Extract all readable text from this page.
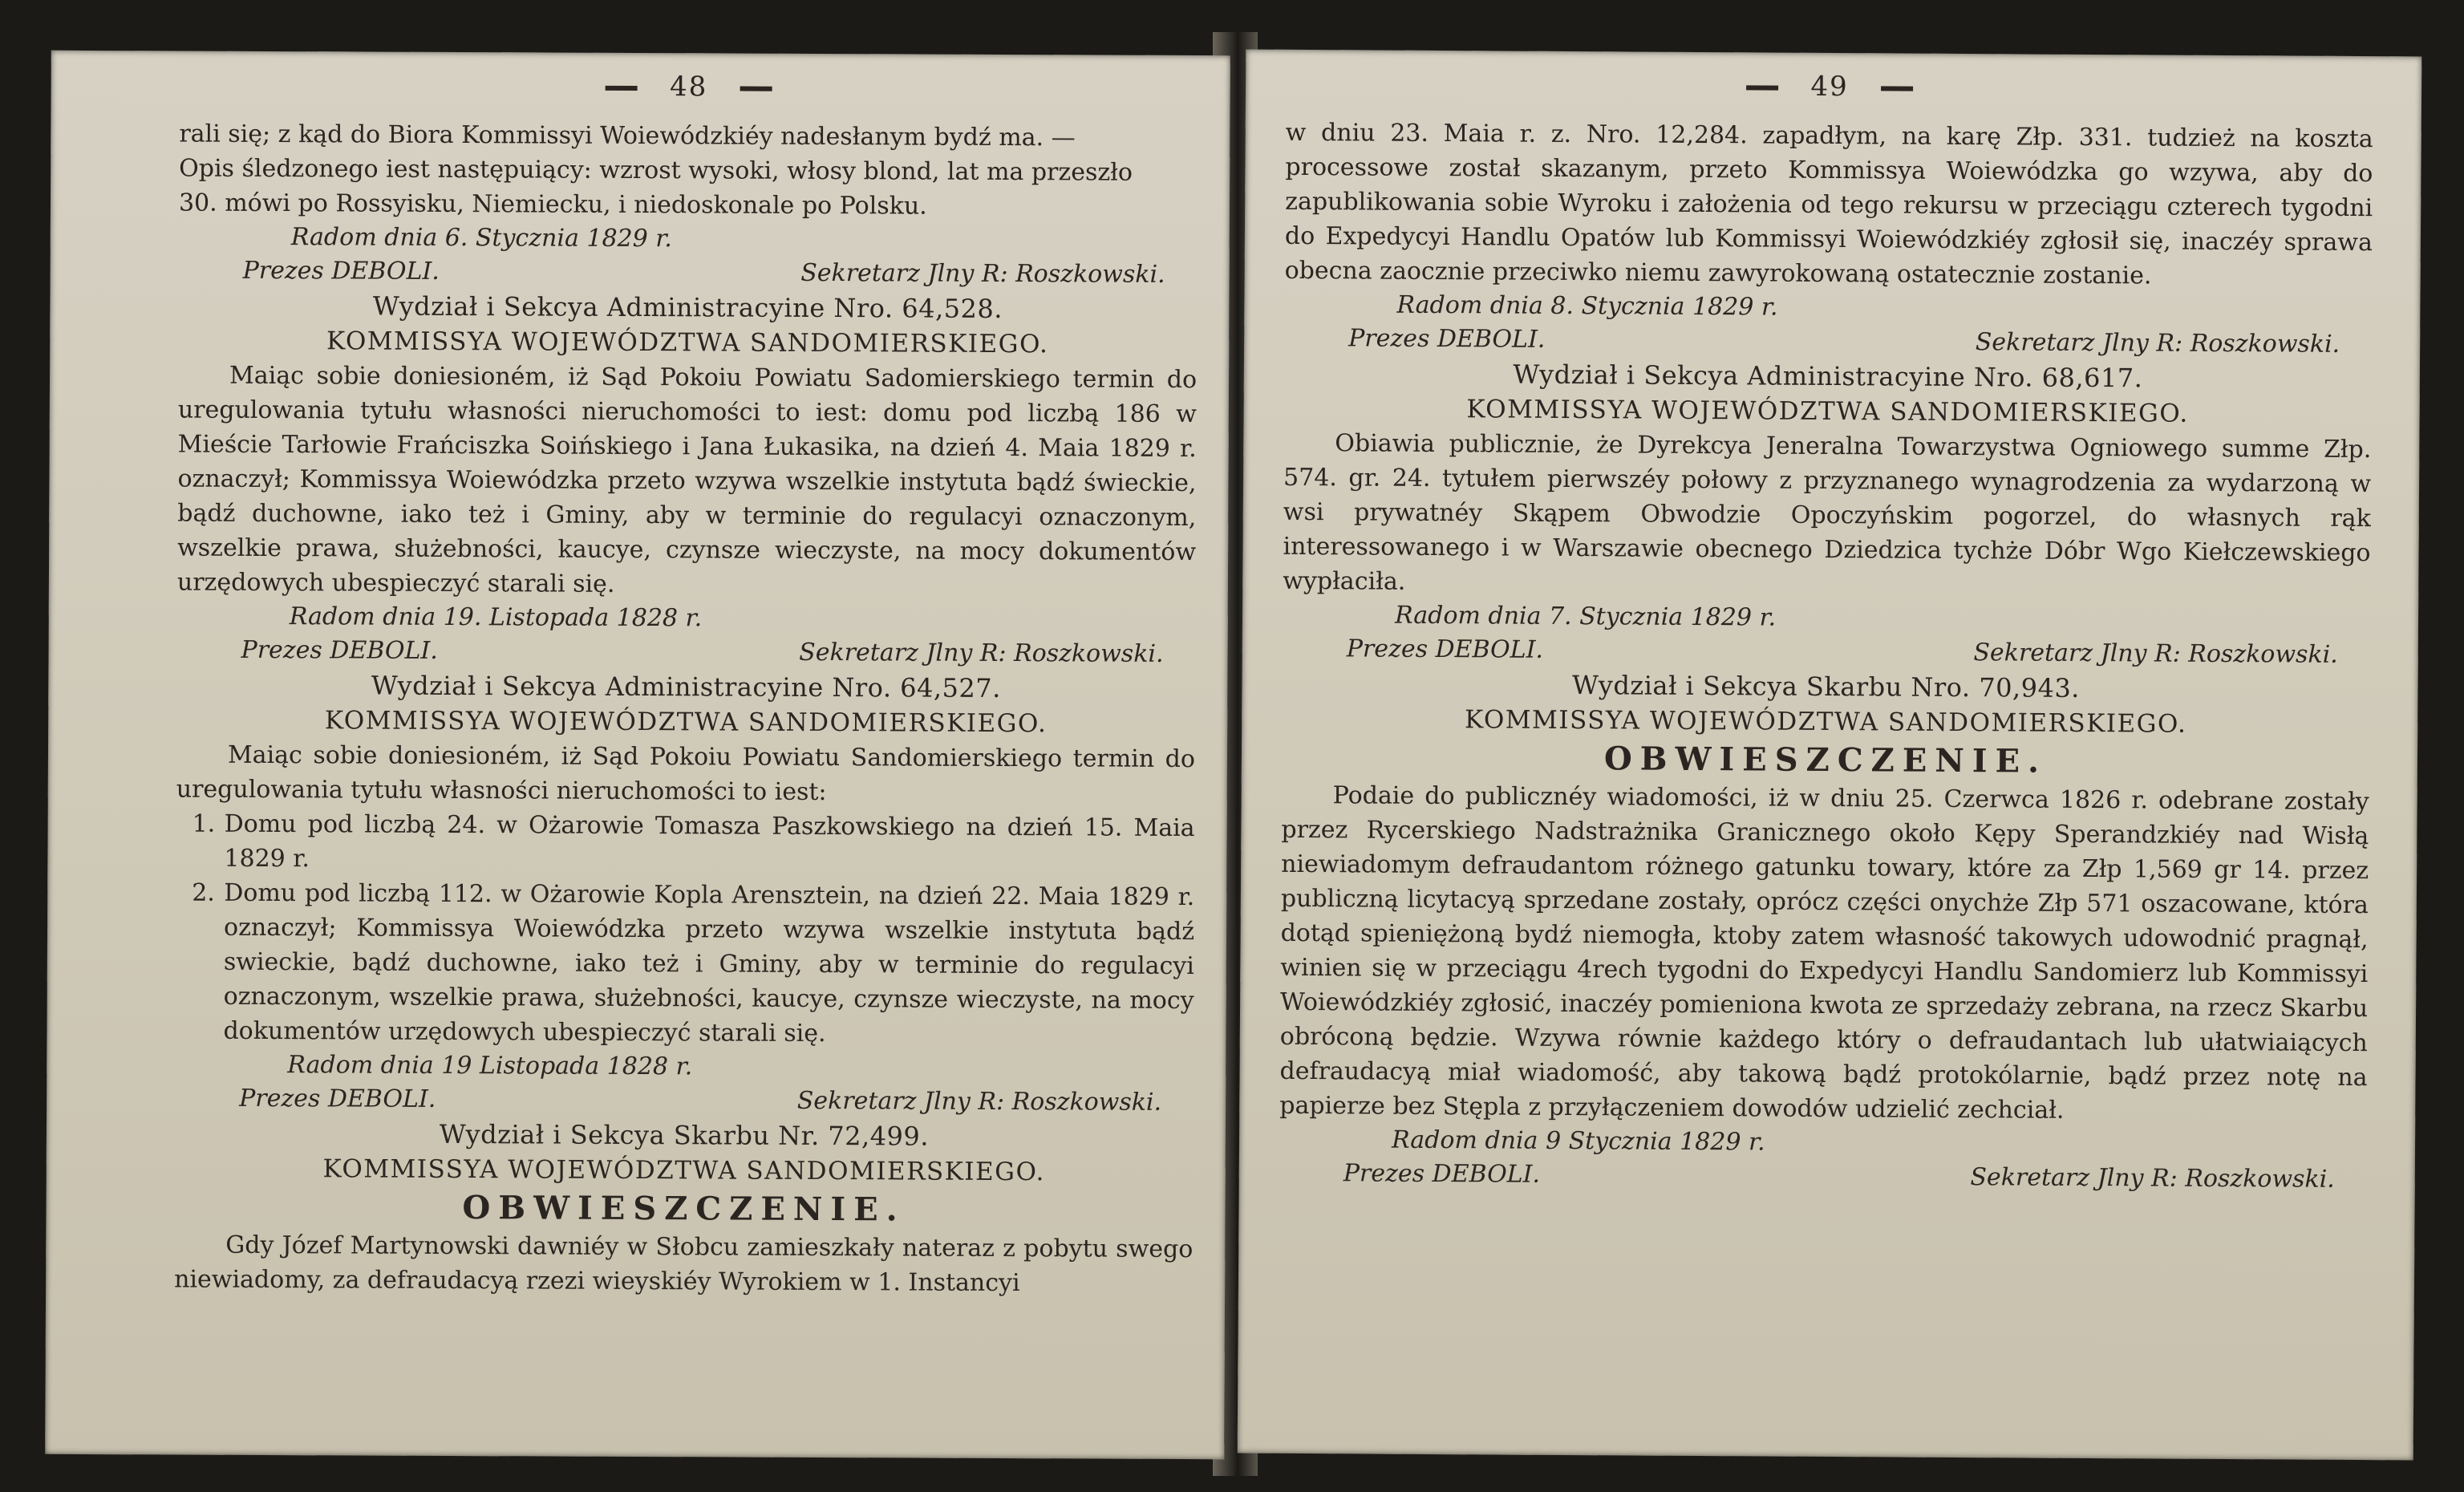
48

rali się; z kąd do Biora Kommissyi Woiewódzkiéy nadesłanym bydź ma. —

Opis śledzonego iest następuiący: wzrost wysoki, włosy blond, lat ma przeszło

30. mówi po Rossyisku, Niemiecku, i niedoskonale po Polsku.

Radom dnia 6. Stycznia 1829 r.
Prezes DEBOLI.	Sekretarz Jlny R: Roszkowski.
Wydział i Sekcya Administracyine Nro. 64,528.
KOMMISSYA WOJEWÓDZTWA SANDOMIERSKIEGO.

Maiąc sobie doniesioném, iż Sąd Pokoiu Powiatu Sadomierskiego termin do uregulowania tytułu własności nieruchomości to iest: domu pod liczbą 186 w Mieście Tarłowie Frańciszka Soińskiego i Jana Łukasika, na dzień 4. Maia 1829 r. oznaczył; Kommissya Woiewódzka przeto wzywa wszelkie instytuta bądź świeckie, bądź duchowne, iako też i Gminy, aby w terminie do regulacyi oznaczonym, wszelkie prawa, służebności, kaucye, czynsze wieczyste, na mocy dokumentów urzędowych ubespieczyć starali się.

Radom dnia 19. Listopada 1828 r.
Prezes DEBOLI.	Sekretarz Jlny R: Roszkowski.
Wydział i Sekcya Administracyine Nro. 64,527.
KOMMISSYA WOJEWÓDZTWA SANDOMIERSKIEGO.

Maiąc sobie doniesioném, iż Sąd Pokoiu Powiatu Sandomierskiego termin do uregulowania tytułu własności nieruchomości to iest:

1. Domu pod liczbą 24. w Ożarowie Tomasza Paszkowskiego na dzień 15. Maia 1829 r.
2. Domu pod liczbą 112. w Ożarowie Kopla Arensztein, na dzień 22. Maia 1829 r. oznaczył; Kommissya Woiewódzka przeto wzywa wszelkie instytuta bądź swieckie, bądź duchowne, iako też i Gminy, aby w terminie do regulacyi oznaczonym, wszelkie prawa, służebności, kaucye, czynsze wieczyste, na mocy dokumentów urzędowych ubespieczyć starali się.
Radom dnia 19 Listopada 1828 r.
Prezes DEBOLI.	Sekretarz Jlny R: Roszkowski.
Wydział i Sekcya Skarbu Nr. 72,499.
KOMMISSYA WOJEWÓDZTWA SANDOMIERSKIEGO.
OBWIESZCZENIE.

Gdy Józef Martynowski dawniéy w Słobcu zamieszkały nateraz z pobytu swego niewiadomy, za defraudacyą rzezi wieyskiéy Wyrokiem w 1. Instancyi

49

w dniu 23. Maia r. z. Nro. 12,284. zapadłym, na karę Złp. 331. tudzież na koszta processowe został skazanym, przeto Kommissya Woiewódzka go wzywa, aby do zapublikowania sobie Wyroku i założenia od tego rekursu w przeciągu czterech tygodni do Expedycyi Handlu Opatów lub Kommissyi Woiewódzkiéy zgłosił się, inaczéy sprawa obecna zaocznie przeciwko niemu zawyrokowaną ostatecznie zostanie.

Radom dnia 8. Stycznia 1829 r.
Prezes DEBOLI.	Sekretarz Jlny R: Roszkowski.
Wydział i Sekcya Administracyine Nro. 68,617.
KOMMISSYA WOJEWÓDZTWA SANDOMIERSKIEGO.

Obiawia publicznie, że Dyrekcya Jeneralna Towarzystwa Ogniowego summe Złp. 574. gr. 24. tytułem pierwszéy połowy z przyznanego wynagrodzenia za wydarzoną w wsi prywatnéy Skąpem Obwodzie Opoczyńskim pogorzel, do własnych rąk interessowanego i w Warszawie obecnego Dziedzica tychże Dóbr Wgo Kiełczewskiego wypłaciła.

Radom dnia 7. Stycznia 1829 r.
Prezes DEBOLI.	Sekretarz Jlny R: Roszkowski.
Wydział i Sekcya Skarbu Nro. 70,943.
KOMMISSYA WOJEWÓDZTWA SANDOMIERSKIEGO.
OBWIESZCZENIE.

Podaie do publicznéy wiadomości, iż w dniu 25. Czerwca 1826 r. odebrane zostały przez Rycerskiego Nadstrażnika Granicznego około Kępy Sperandzkiéy nad Wisłą niewiadomym defraudantom różnego gatunku towary, które za Złp 1,569 gr 14. przez publiczną licytacyą sprzedane zostały, oprócz części onychże Złp 571 oszacowane, która dotąd spieniężoną bydź niemogła, ktoby zatem własność takowych udowodnić pragnął, winien się w przeciągu 4rech tygodni do Expedycyi Handlu Sandomierz lub Kommissyi Woiewódzkiéy zgłosić, inaczéy pomieniona kwota ze sprzedaży zebrana, na rzecz Skarbu obróconą będzie. Wzywa równie każdego który o defraudantach lub ułatwiaiących defraudacyą miał wiadomość, aby takową bądź protokólarnie, bądź przez notę na papierze bez Stępla z przyłączeniem dowodów udzielić zechciał.

Radom dnia 9 Stycznia 1829 r.
Prezes DEBOLI.	Sekretarz Jlny R: Roszkowski.
